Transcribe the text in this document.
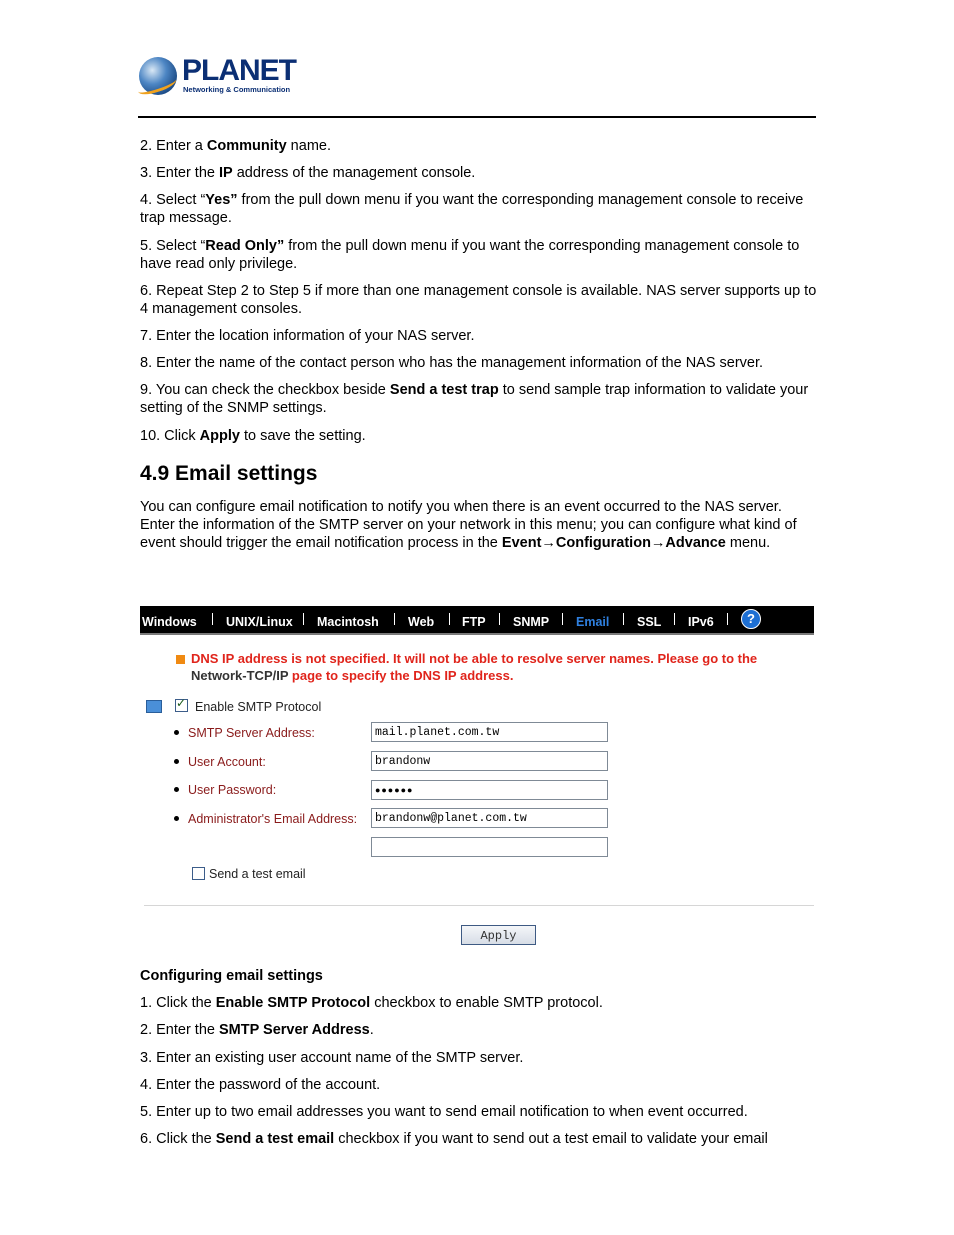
PLANET
Networking & Communication
2. Enter a Community name.
3. Enter the IP address of the management console.
4. Select “Yes” from the pull down menu if you want the corresponding management console to receive trap message.
5. Select “Read Only” from the pull down menu if you want the corresponding management console to have read only privilege.
6. Repeat Step 2 to Step 5 if more than one management console is available. NAS server supports up to 4 management consoles.
7. Enter the location information of your NAS server.
8. Enter the name of the contact person who has the management information of the NAS server.
9. You can check the checkbox beside Send a test trap to send sample trap information to validate your setting of the SNMP settings.
10. Click Apply to save the setting.
4.9 Email settings
You can configure email notification to notify you when there is an event occurred to the NAS server. Enter the information of the SMTP server on your network in this menu; you can configure what kind of event should trigger the email notification process in the Event→Configuration→Advance menu.
Windows UNIX/Linux Macintosh Web FTP SNMP Email SSL IPv6	?
DNS IP address is not specified. It will not be able to resolve server names. Please go to the
Network-TCP/IP page to specify the DNS IP address.
✓
Enable SMTP Protocol
SMTP Server Address:	mail.planet.com.tw
User Account:	brandonw
User Password:	●●●●●●
Administrator's Email Address:	brandonw@planet.com.tw
Send a test email
Apply
Configuring email settings
1. Click the Enable SMTP Protocol checkbox to enable SMTP protocol.
2. Enter the SMTP Server Address.
3. Enter an existing user account name of the SMTP server.
4. Enter the password of the account.
5. Enter up to two email addresses you want to send email notification to when event occurred.
6. Click the Send a test email checkbox if you want to send out a test email to validate your email
